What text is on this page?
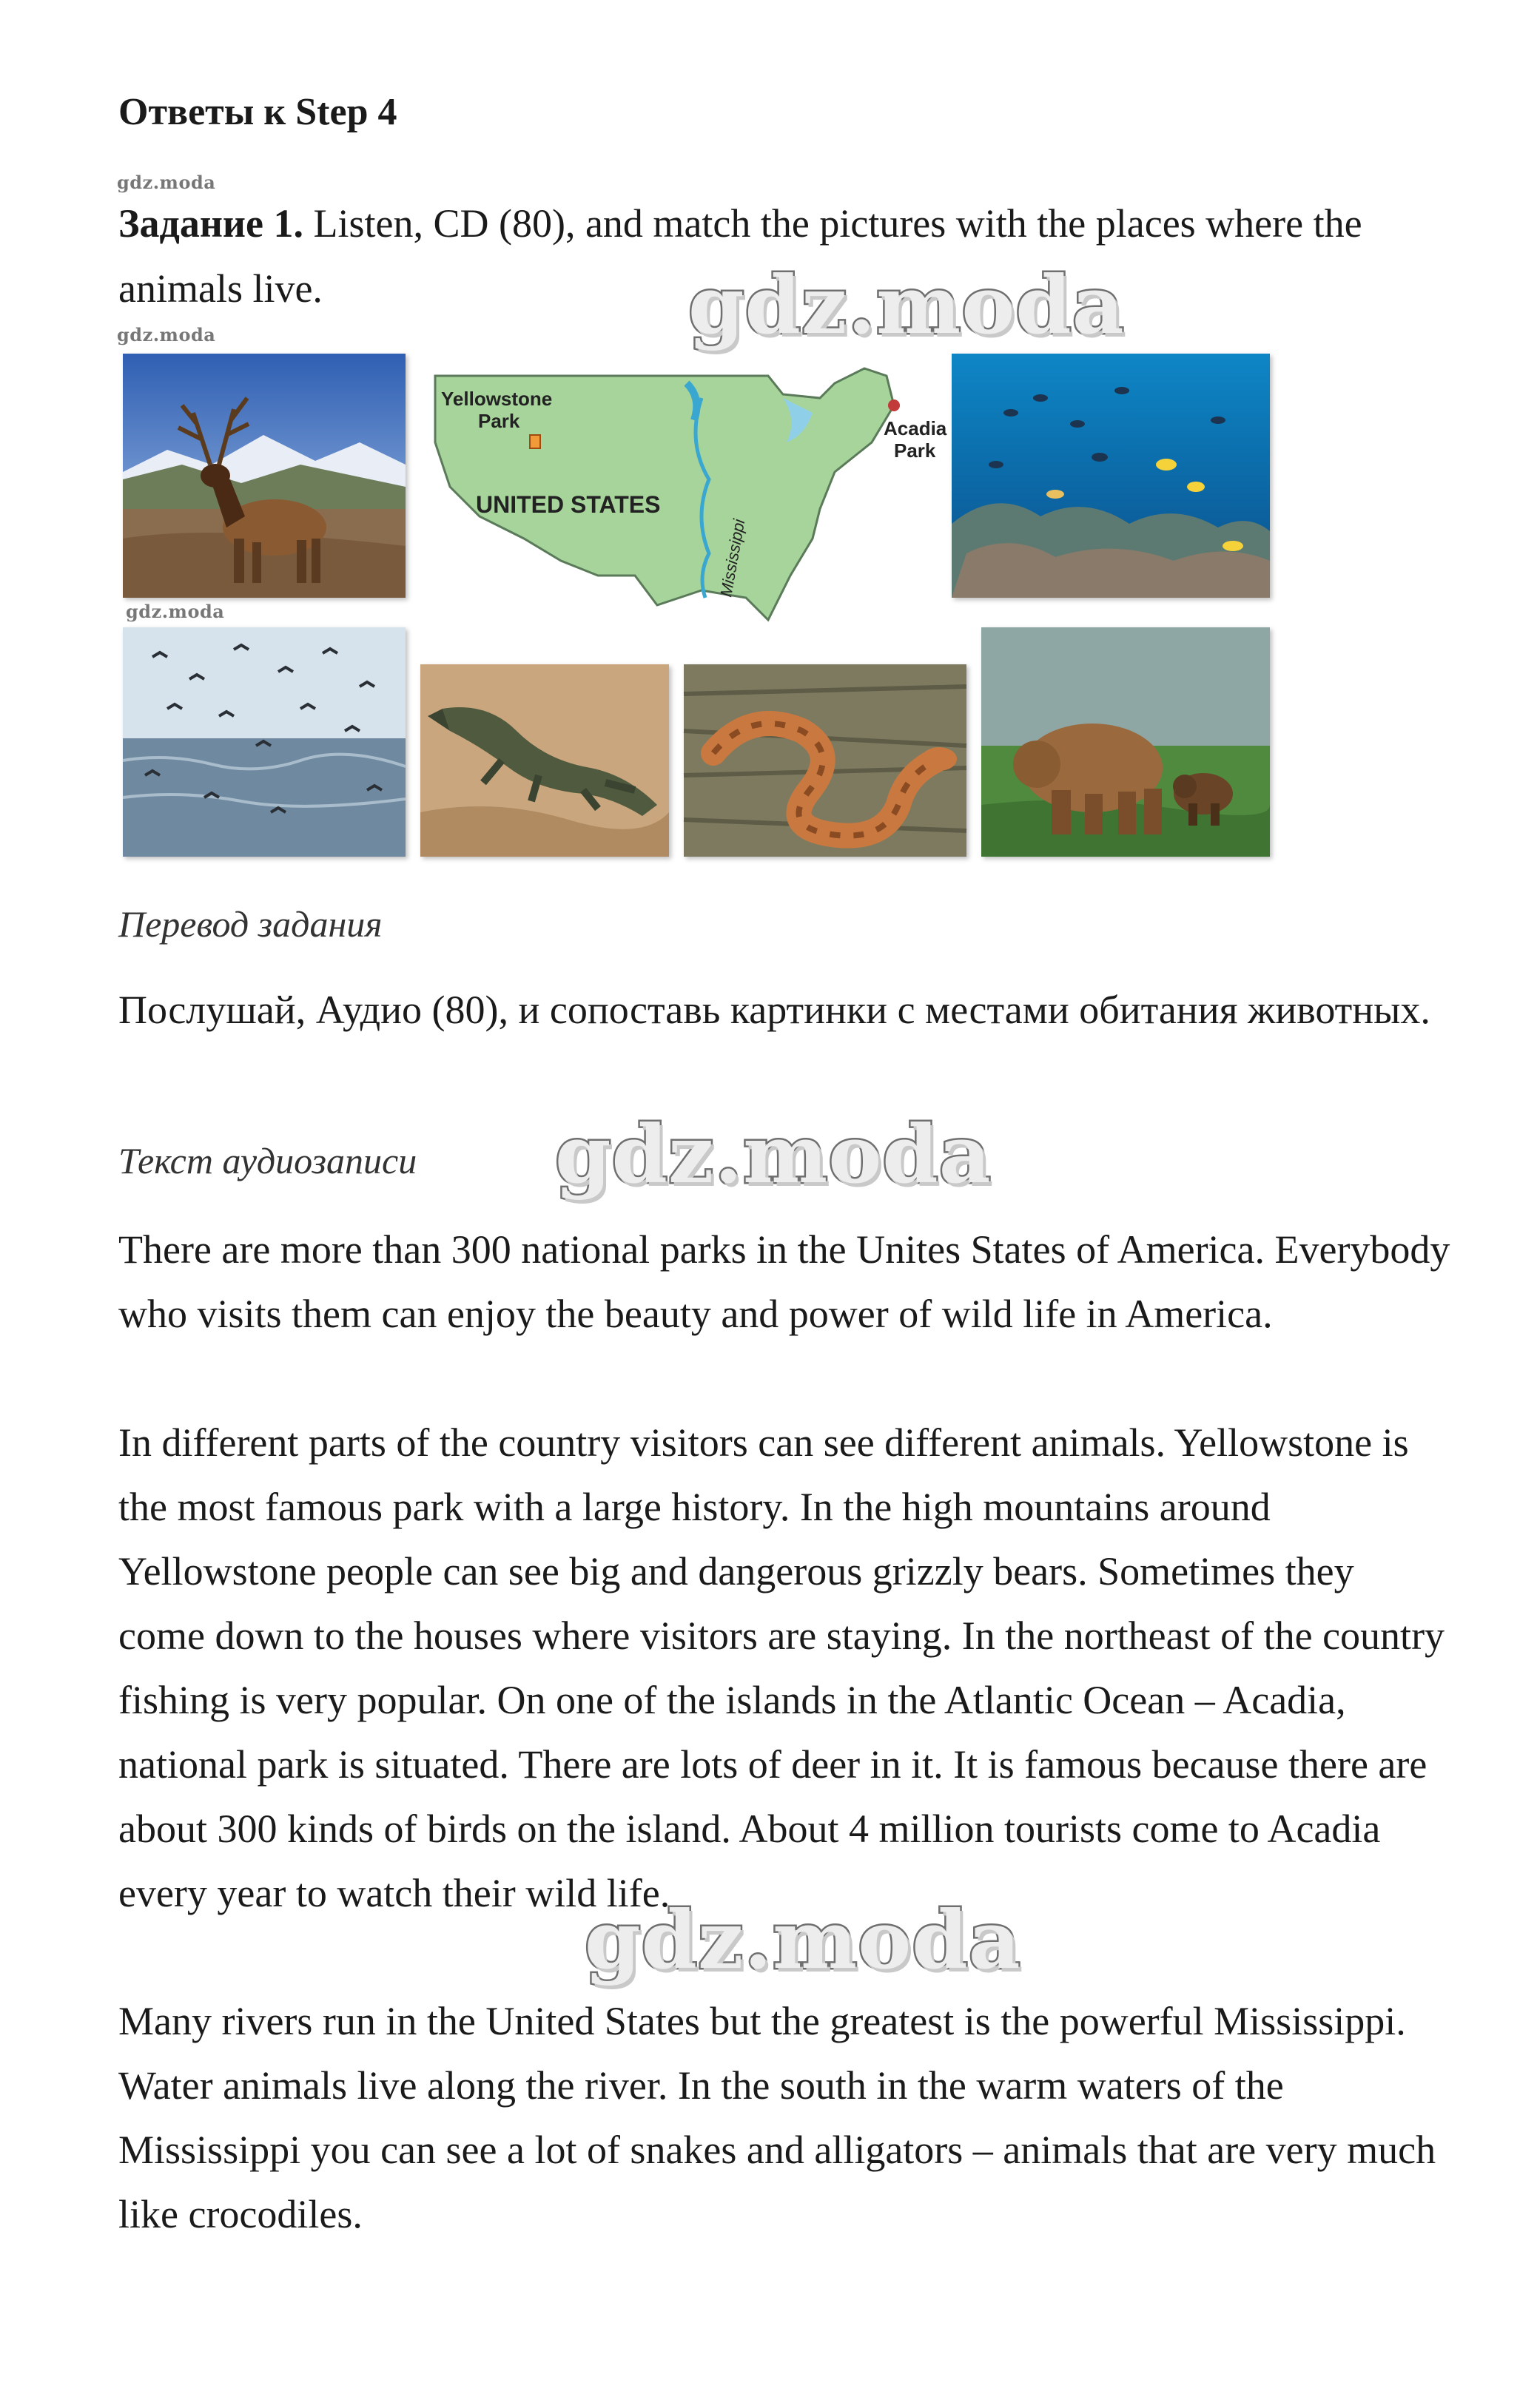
Ответы к Step 4
gdz.moda
Задание 1. Listen, CD (80), and match the pictures with the places where the animals live.
gdz.moda
Yellowstone
Park	Acadia
Park
UNITED STATES
Mississippi
gdz.moda
gdz.moda
Перевод задания
Послушай, Аудио (80), и сопоставь картинки с местами обитания животных.
Текст аудиозаписи gdz.moda
There are more than 300 national parks in the Unites States of America. Everybody who visits them can enjoy the beauty and power of wild life in America.
In different parts of the country visitors can see different animals. Yellowstone is the most famous park with a large history. In the high mountains around Yellowstone people can see big and dangerous grizzly bears. Sometimes they come down to the houses where visitors are staying. In the northeast of the country fishing is very popular. On one of the islands in the Atlantic Ocean – Acadia, national park is situated. There are lots of deer in it. It is famous because there are about 300 kinds of birds on the island. About 4 million tourists come to Acadia every year to watch their wild life.
Many rivers run in the United States but the greatest is the powerful Mississippi. Water animals live along the river. In the south in the warm waters of the Mississippi you can see a lot of snakes and alligators – animals that are very much like crocodiles.
gdz.moda
